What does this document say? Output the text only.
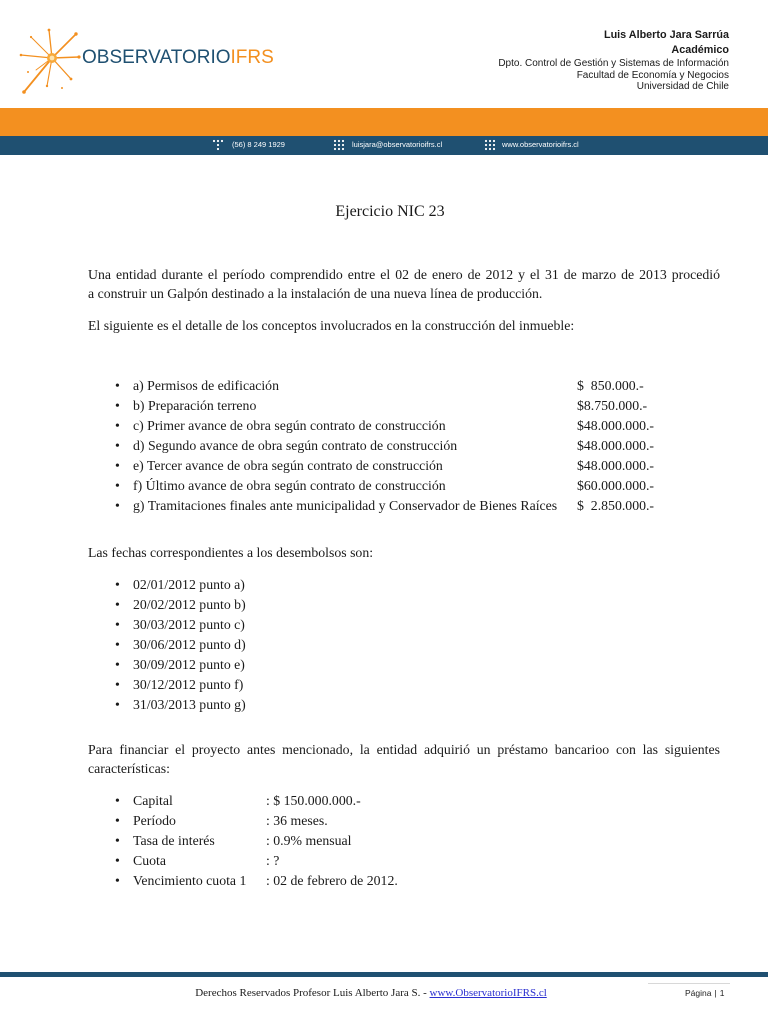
OBSERVATORIOIFRS
Luis Alberto Jara Sarrúa
Académico
Dpto. Control de Gestión y Sistemas de Información
Facultad de Economía y Negocios
Universidad de Chile
(56) 8 249 1929	luisjara@observatorioifrs.cl	www.observatorioifrs.cl
Ejercicio NIC 23
Una entidad durante el período comprendido entre el 02 de enero de 2012 y el 31 de marzo de 2013 procedió
a construir un Galpón destinado a la instalación de una nueva línea de producción.
El siguiente es el detalle de los conceptos involucrados en la construcción del inmueble:
•
a) Permisos de edificación	$  850.000.-
•
b) Preparación terreno	$8.750.000.-
•
c) Primer avance de obra según contrato de construcción	$48.000.000.-
•
d) Segundo avance de obra según contrato de construcción	$48.000.000.-
•
e) Tercer avance de obra según contrato de construcción	$48.000.000.-
•
f) Último avance de obra según contrato de construcción	$60.000.000.-
•
g) Tramitaciones finales ante municipalidad y Conservador de Bienes Raíces $  2.850.000.-
Las fechas correspondientes a los desembolsos son:
•
02/01/2012 punto a)
•
20/02/2012 punto b)
•
30/03/2012 punto c)
•
30/06/2012 punto d)
•
30/09/2012 punto e)
•
30/12/2012 punto f)
•
31/03/2013 punto g)
Para financiar el proyecto antes mencionado, la entidad adquirió un préstamo bancarioo con las siguientes
características:
•
Capital	: $ 150.000.000.-
•
Período	: 36 meses.
•
Tasa de interés	: 0.9% mensual
•
Cuota	: ?
•
Vencimiento cuota 1 : 02 de febrero de 2012.
Derechos Reservados Profesor Luis Alberto Jara S. - www.ObservatorioIFRS.cl	Página | 1
